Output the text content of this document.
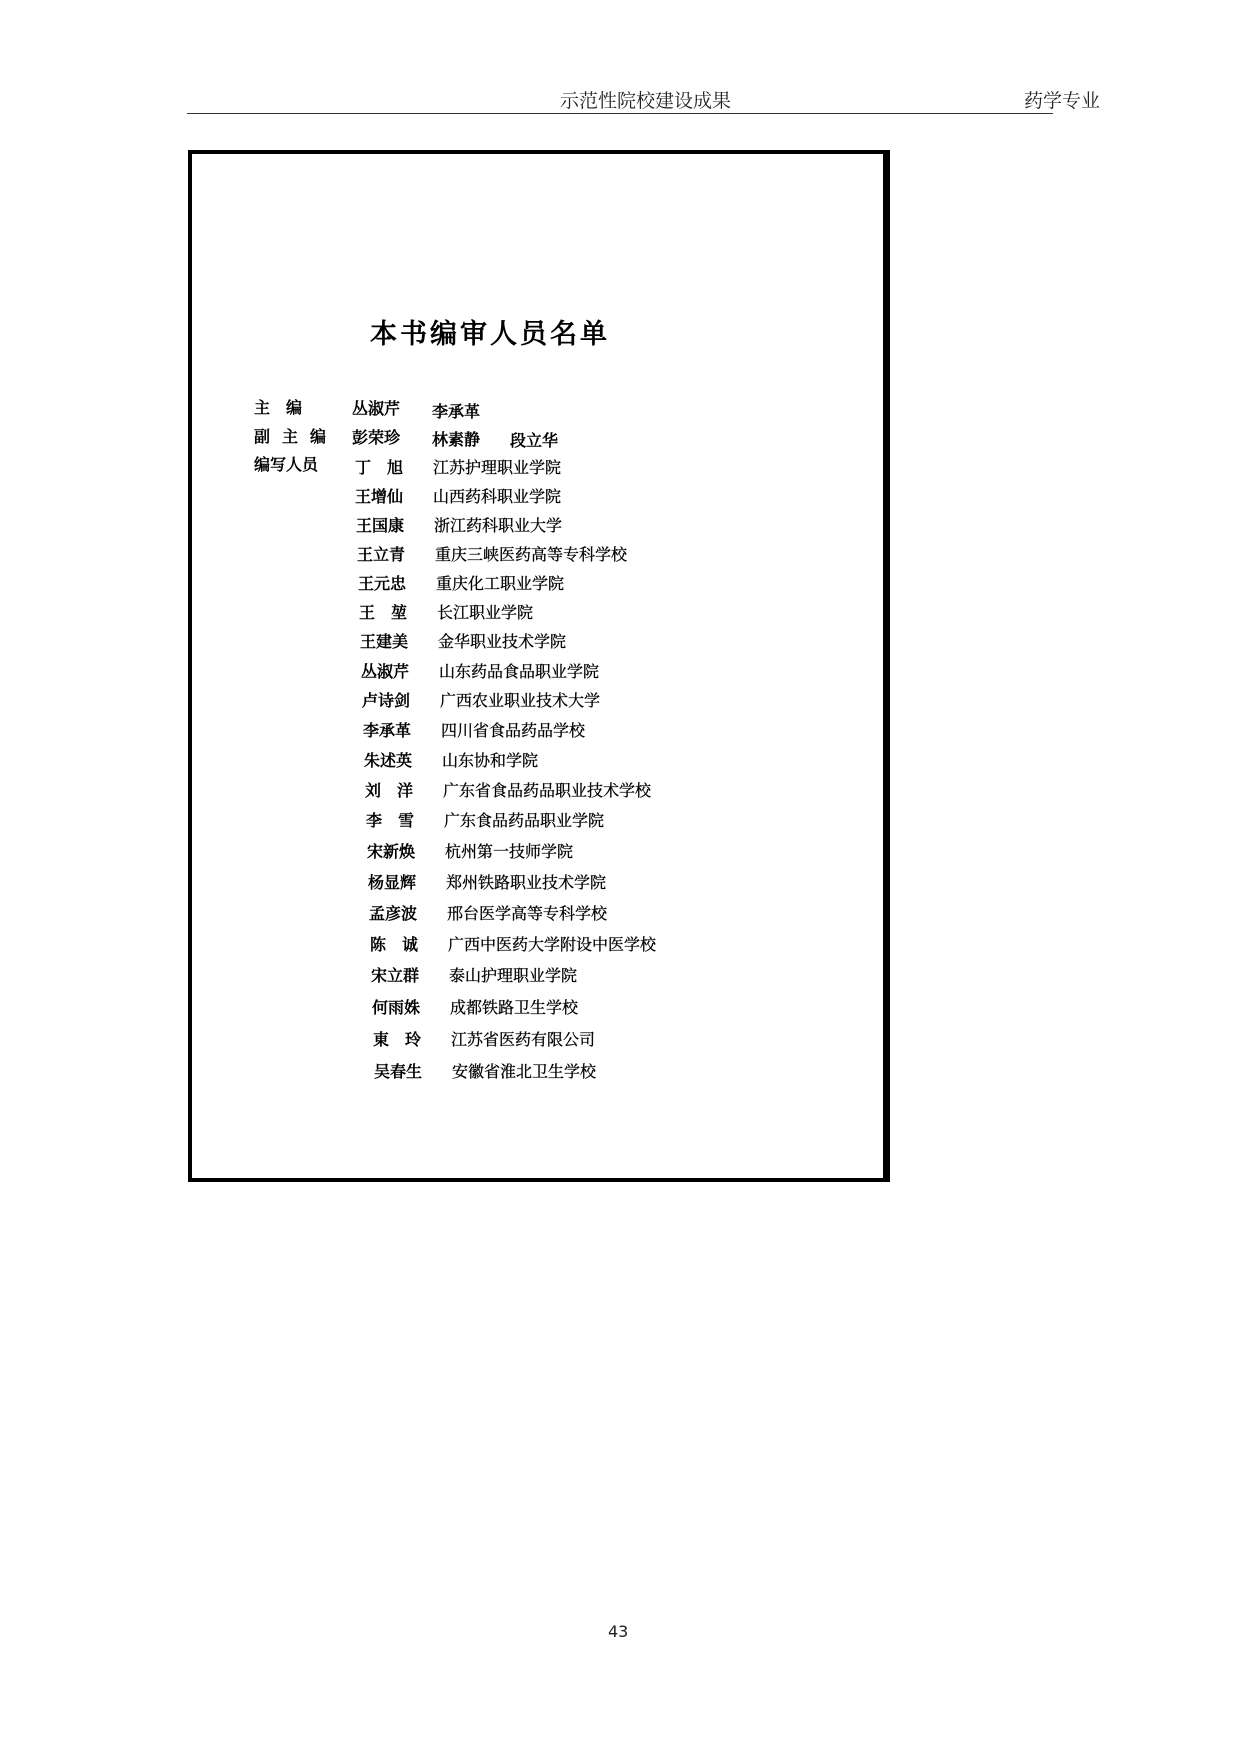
示范性院校建设成果	药学专业
本书编审人员名单
主　编	丛淑芹 李承革
副主编 彭荣珍 林素静 段立华
编写人员 丁　旭 江苏护理职业学院
王增仙 山西药科职业学院
王国康 浙江药科职业大学
王立青 重庆三峡医药高等专科学校
王元忠 重庆化工职业学院
王　堃 长江职业学院
王建美 金华职业技术学院
丛淑芹 山东药品食品职业学院
卢诗剑 广西农业职业技术大学
李承革 四川省食品药品学校
朱述英 山东协和学院
刘　洋 广东省食品药品职业技术学校
李　雪 广东食品药品职业学院
宋新焕 杭州第一技师学院
杨显辉 郑州铁路职业技术学院
孟彦波 邢台医学高等专科学校
陈　诚 广西中医药大学附设中医学校
宋立群 泰山护理职业学院
何雨姝 成都铁路卫生学校
東　玲 江苏省医药有限公司
吴春生 安徽省淮北卫生学校
43
